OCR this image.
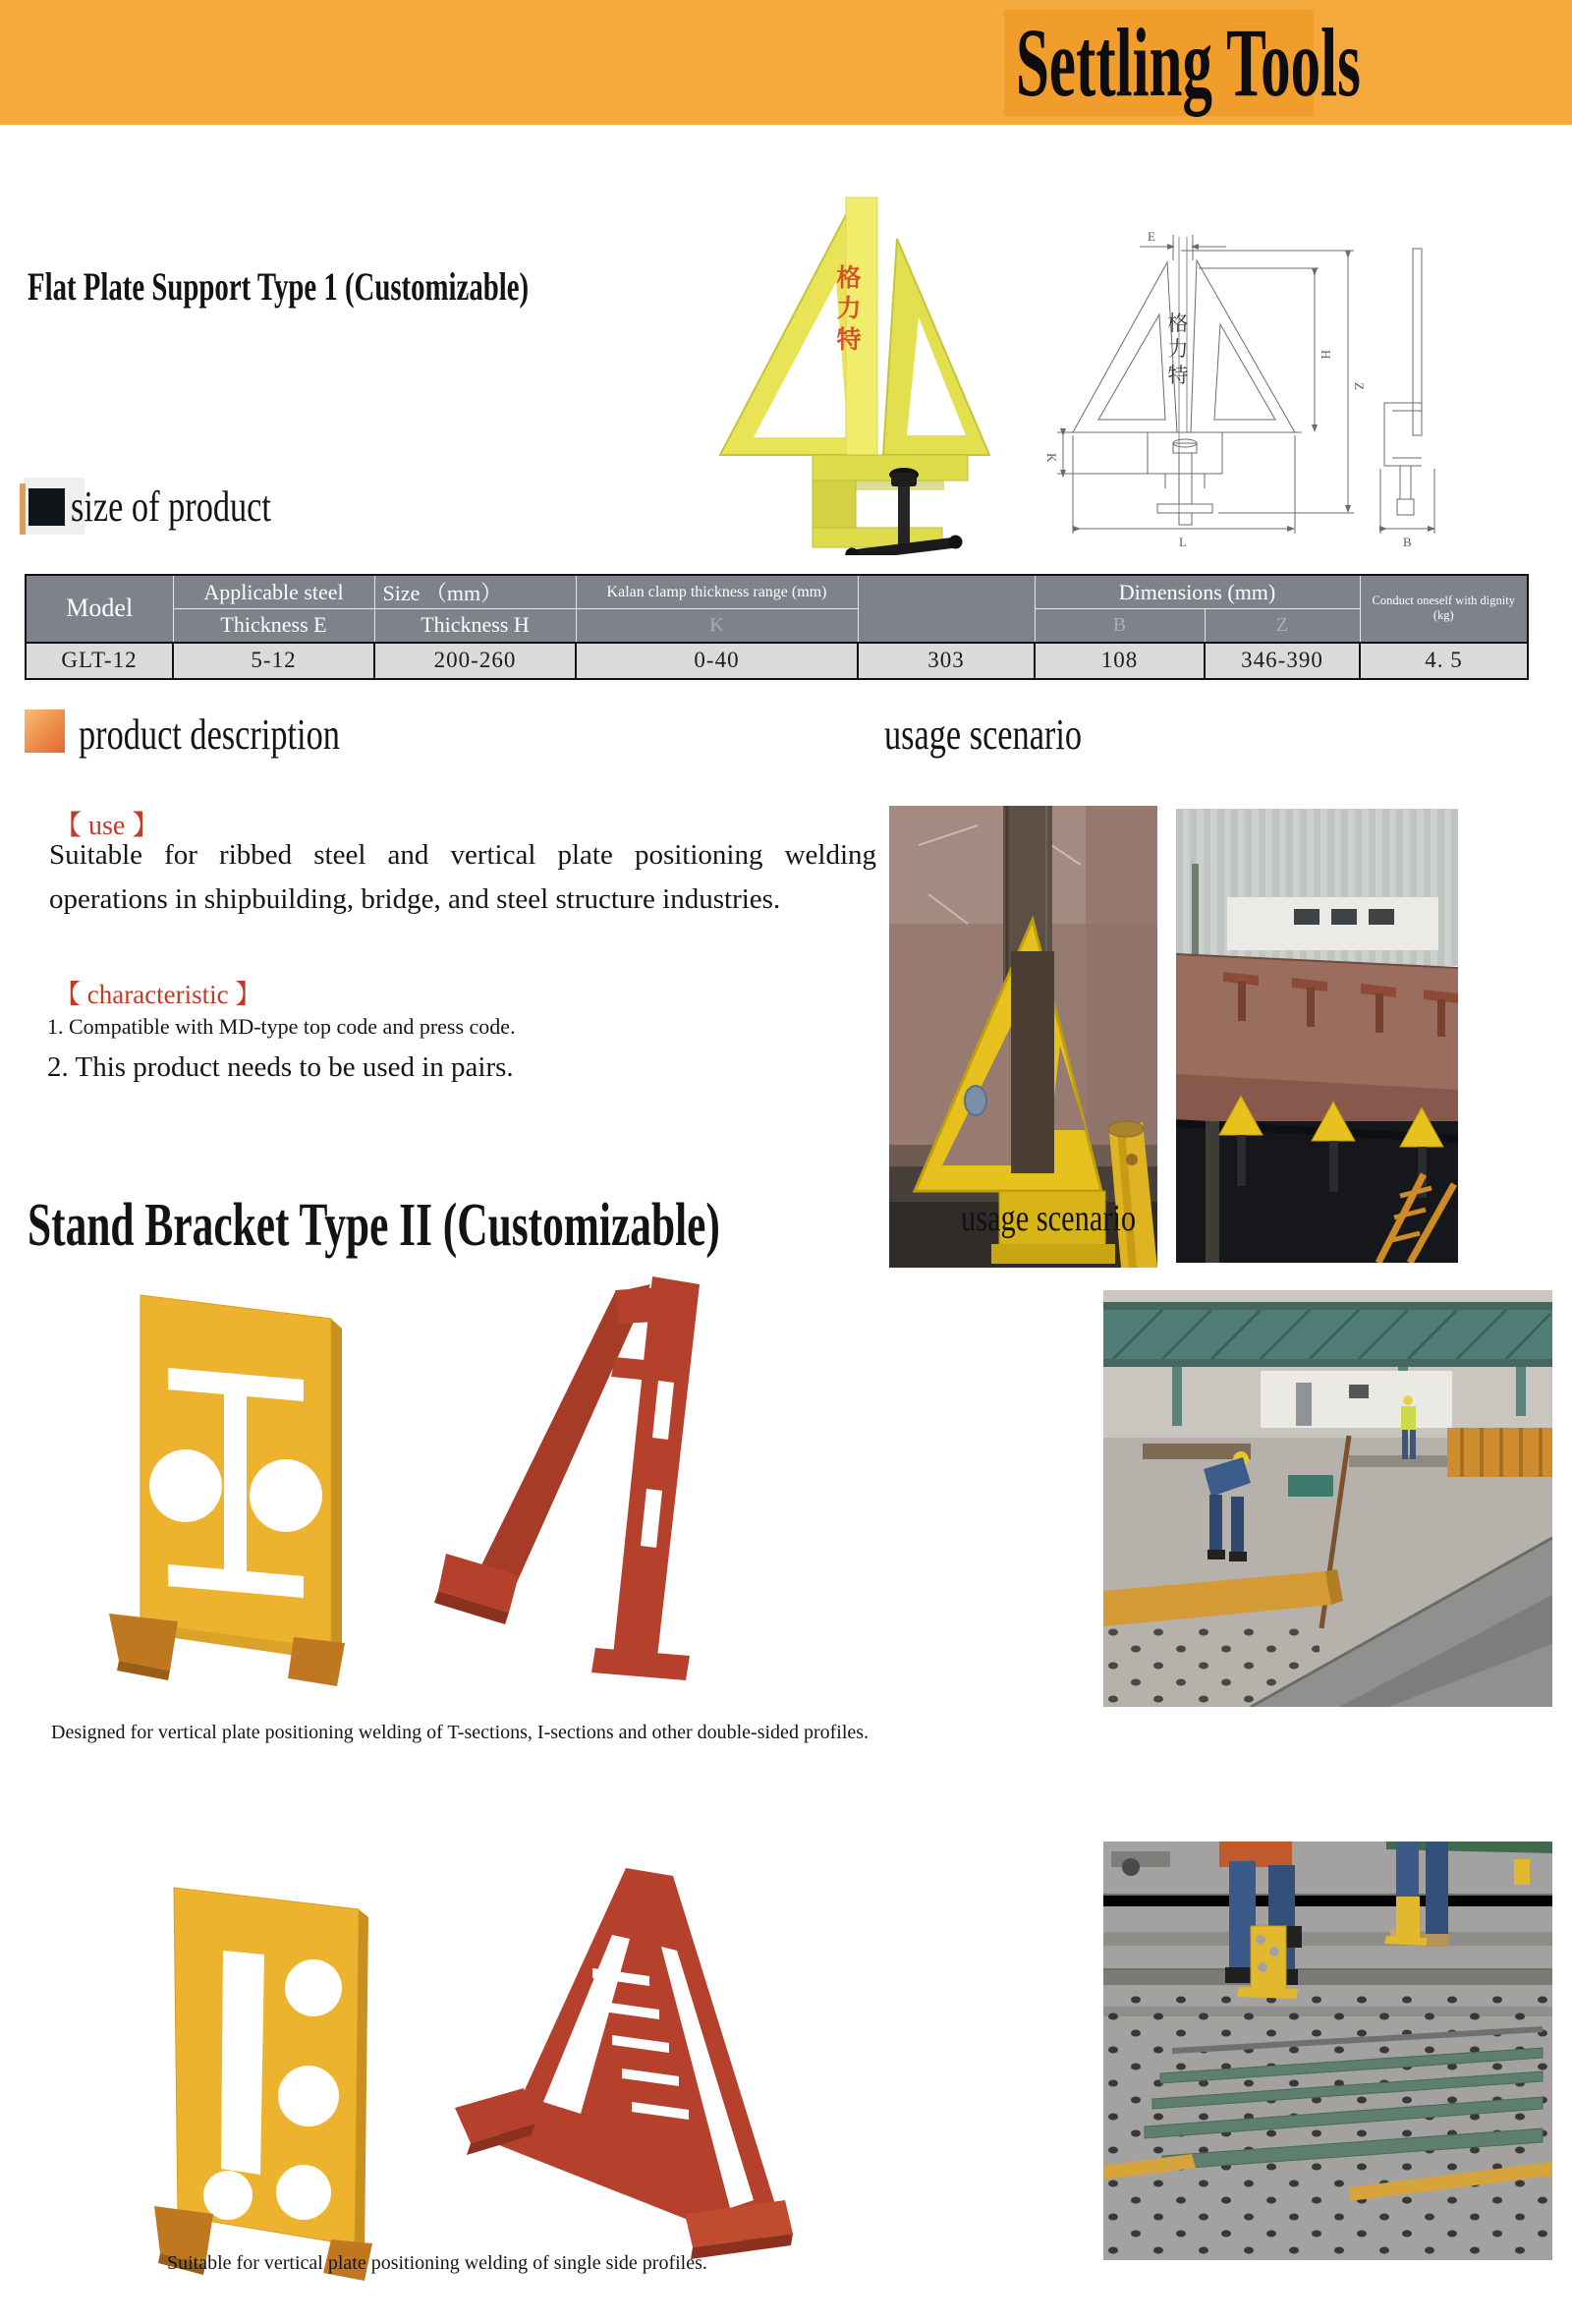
Settling Tools
Flat Plate Support Type 1 (Customizable)	格力特
E
H
Z
K
L	B
格力特
size of product
Model	Applicable steel	Size （mm）	Kalan clamp thickness range (mm)		Dimensions (mm)		Conduct oneself with dignity
(kg)
	Thickness E	Thickness H	K		B	Z	
GLT-12	5-12	200-260	0-40	303	108	346-390	4. 5
product description	usage scenario
【 use 】
Suitable for ribbed steel and vertical plate positioning welding operations in shipbuilding, bridge, and steel structure industries.
【 characteristic 】
1. Compatible with MD-type top code and press code.
2. This product needs to be used in pairs.
Stand Bracket Type II (Customizable)	usage scenario
Designed for vertical plate positioning welding of T-sections, I-sections and other double-sided profiles.
Suitable for vertical plate positioning welding of single side profiles.
